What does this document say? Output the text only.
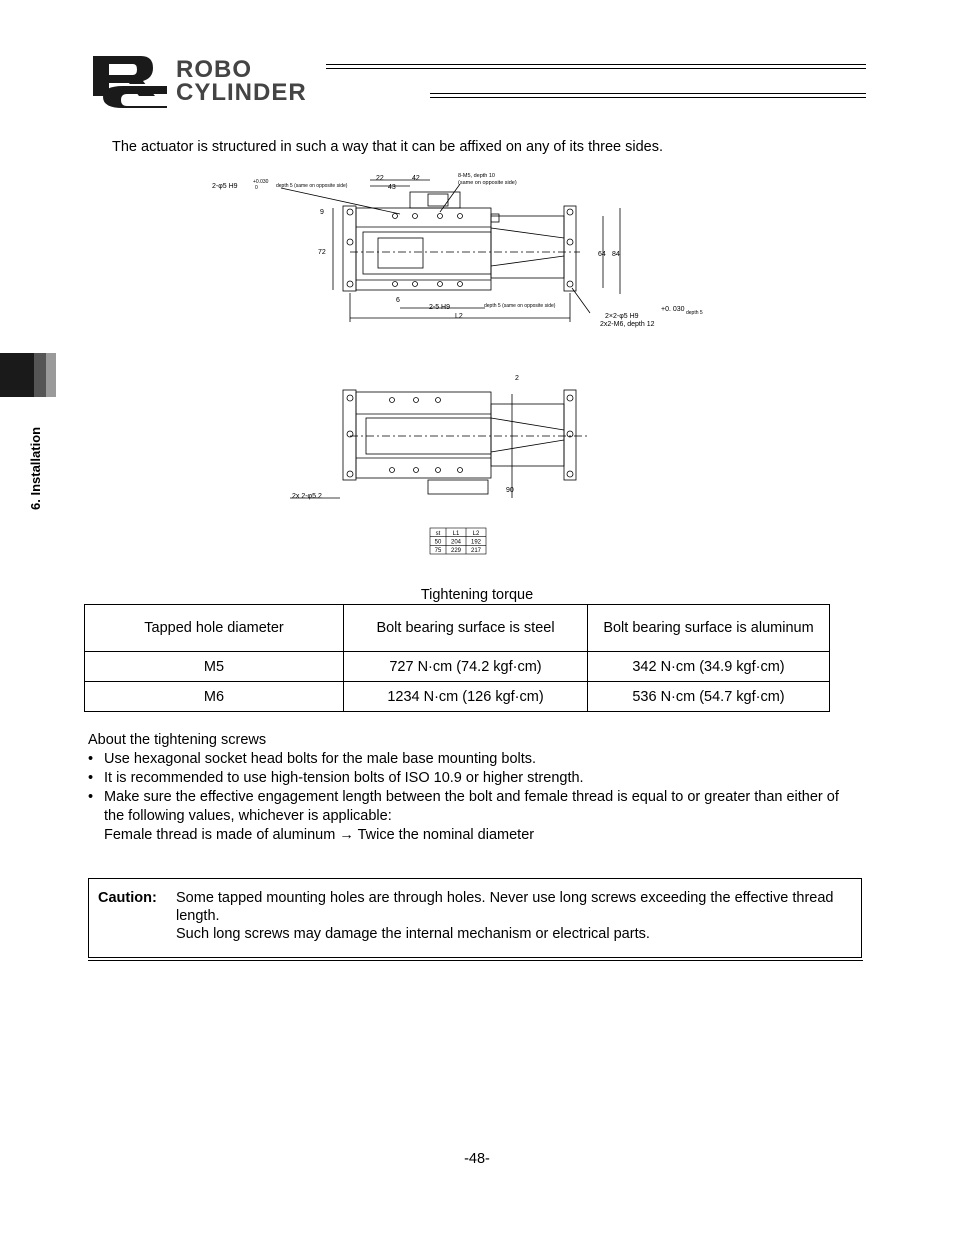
ROBO
CYLINDER
6. Installation
The actuator is structured in such a way that it can be affixed on any of its three sides.
2-φ5 H9
+0.030
0	depth 5 (same on opposite side)
22	42
43
8-M5, depth 10
(same on opposite side)
9
72	64 84
6
2-5 H9	depth 5 (same on opposite side)
L2	2×2-φ5 H9
+0. 030 depth 5
2x2-M6, depth 12
2
90
2x 2-φ5.2
st L1 L2
50 204 192
75 229 217
Tightening torque
Tapped hole diameter	Bolt bearing surface is steel	Bolt bearing surface is aluminum
M5	727 N·cm (74.2 kgf·cm)	342 N·cm (34.9 kgf·cm)
M6	1234 N·cm (126 kgf·cm)	536 N·cm (54.7 kgf·cm)
About the tightening screws
• Use hexagonal socket head bolts for the male base mounting bolts.
• It is recommended to use high-tension bolts of ISO 10.9 or higher strength.
• Make sure the effective engagement length between the bolt and female thread is equal to or greater than either of the following values, whichever is applicable:
Female thread is made of aluminum → Twice the nominal diameter
Caution: Some tapped mounting holes are through holes. Never use long screws exceeding the effective thread length.
Such long screws may damage the internal mechanism or electrical parts.
-48-
